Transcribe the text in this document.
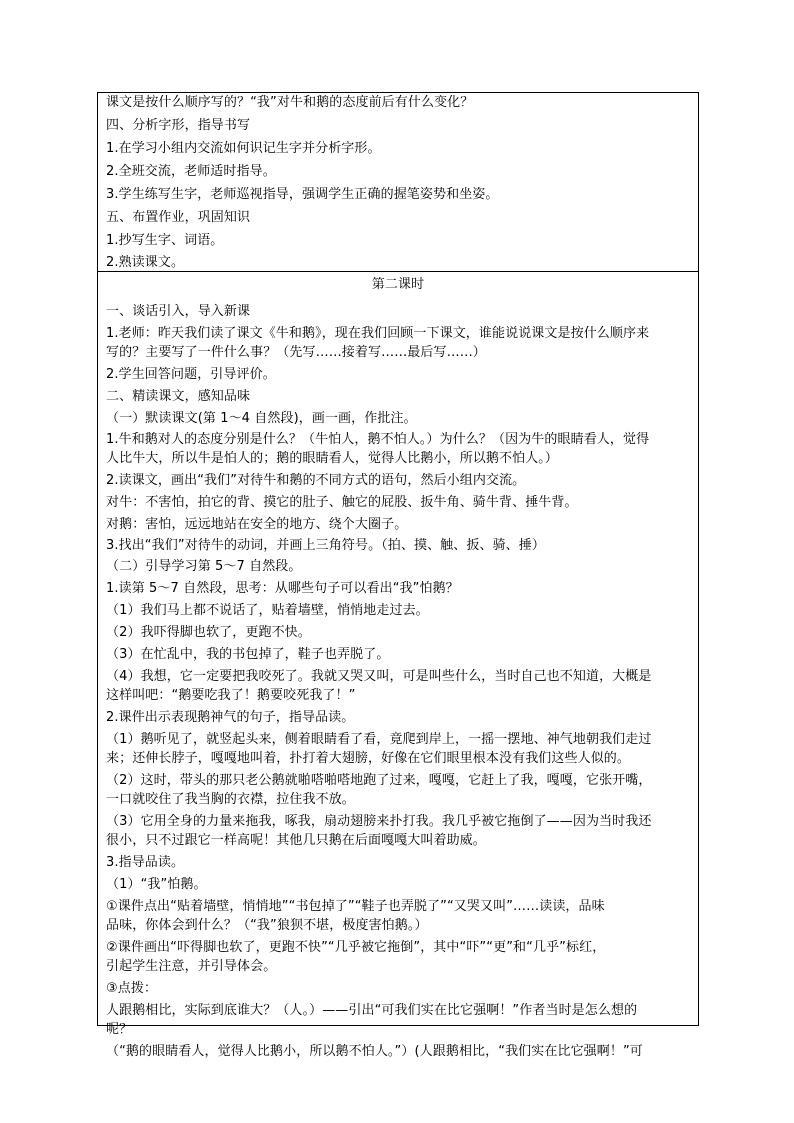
课文是按什么顺序写的？“我”对牛和鹅的态度前后有什么变化？
四、分析字形，指导书写
1.在学习小组内交流如何识记生字并分析字形。
2.全班交流，老师适时指导。
3.学生练写生字，老师巡视指导，强调学生正确的握笔姿势和坐姿。
五、布置作业，巩固知识
1.抄写生字、词语。
2.熟读课文。
第二课时
一、谈话引入，导入新课
1.老师：昨天我们读了课文《牛和鹅》，现在我们回顾一下课文，谁能说说课文是按什么顺序来
写的？主要写了一件什么事？（先写……接着写……最后写……）
2.学生回答问题，引导评价。
二、精读课文，感知品味
（一）默读课文(第 1～4 自然段)，画一画，作批注。
1.牛和鹅对人的态度分别是什么？（牛怕人，鹅不怕人。）为什么？（因为牛的眼睛看人，觉得
人比牛大，所以牛是怕人的；鹅的眼睛看人，觉得人比鹅小，所以鹅不怕人。）
2.读课文，画出“我们”对待牛和鹅的不同方式的语句，然后小组内交流。
对牛：不害怕，拍它的背、摸它的肚子、触它的屁股、扳牛角、骑牛背、捶牛背。
对鹅：害怕，远远地站在安全的地方、绕个大圈子。
3.找出“我们”对待牛的动词，并画上三角符号。（拍、摸、触、扳、骑、捶）
（二）引导学习第 5～7 自然段。
1.读第 5～7 自然段，思考：从哪些句子可以看出“我”怕鹅？
（1）我们马上都不说话了，贴着墙壁，悄悄地走过去。
（2）我吓得脚也软了，更跑不快。
（3）在忙乱中，我的书包掉了，鞋子也弄脱了。
（4）我想，它一定要把我咬死了。我就又哭又叫，可是叫些什么，当时自己也不知道，大概是
这样叫吧：“鹅要吃我了！鹅要咬死我了！”
2.课件出示表现鹅神气的句子，指导品读。
（1）鹅听见了，就竖起头来，侧着眼睛看了看，竟爬到岸上，一摇一摆地、神气地朝我们走过
来；还伸长脖子，嘎嘎地叫着，扑打着大翅膀，好像在它们眼里根本没有我们这些人似的。
（2）这时，带头的那只老公鹅就啪嗒啪嗒地跑了过来，嘎嘎，它赶上了我，嘎嘎，它张开嘴，
一口就咬住了我当胸的衣襟，拉住我不放。
（3）它用全身的力量来拖我，啄我，扇动翅膀来扑打我。我几乎被它拖倒了——因为当时我还
很小，只不过跟它一样高呢！其他几只鹅在后面嘎嘎大叫着助威。
3.指导品读。
（1）“我”怕鹅。
①课件点出“贴着墙壁，悄悄地”“书包掉了”“鞋子也弄脱了”“又哭又叫”……读读，品味
品味，你体会到什么？（“我”狼狈不堪，极度害怕鹅。）
②课件画出“吓得脚也软了，更跑不快”“几乎被它拖倒”，其中“吓”“更”和“几乎”标红，
引起学生注意，并引导体会。
③点拨：
人跟鹅相比，实际到底谁大？（人。）——引出“可我们实在比它强啊！”作者当时是怎么想的
呢？
（“鹅的眼睛看人，觉得人比鹅小，所以鹅不怕人。”）(人跟鹅相比，“我们实在比它强啊！”可
